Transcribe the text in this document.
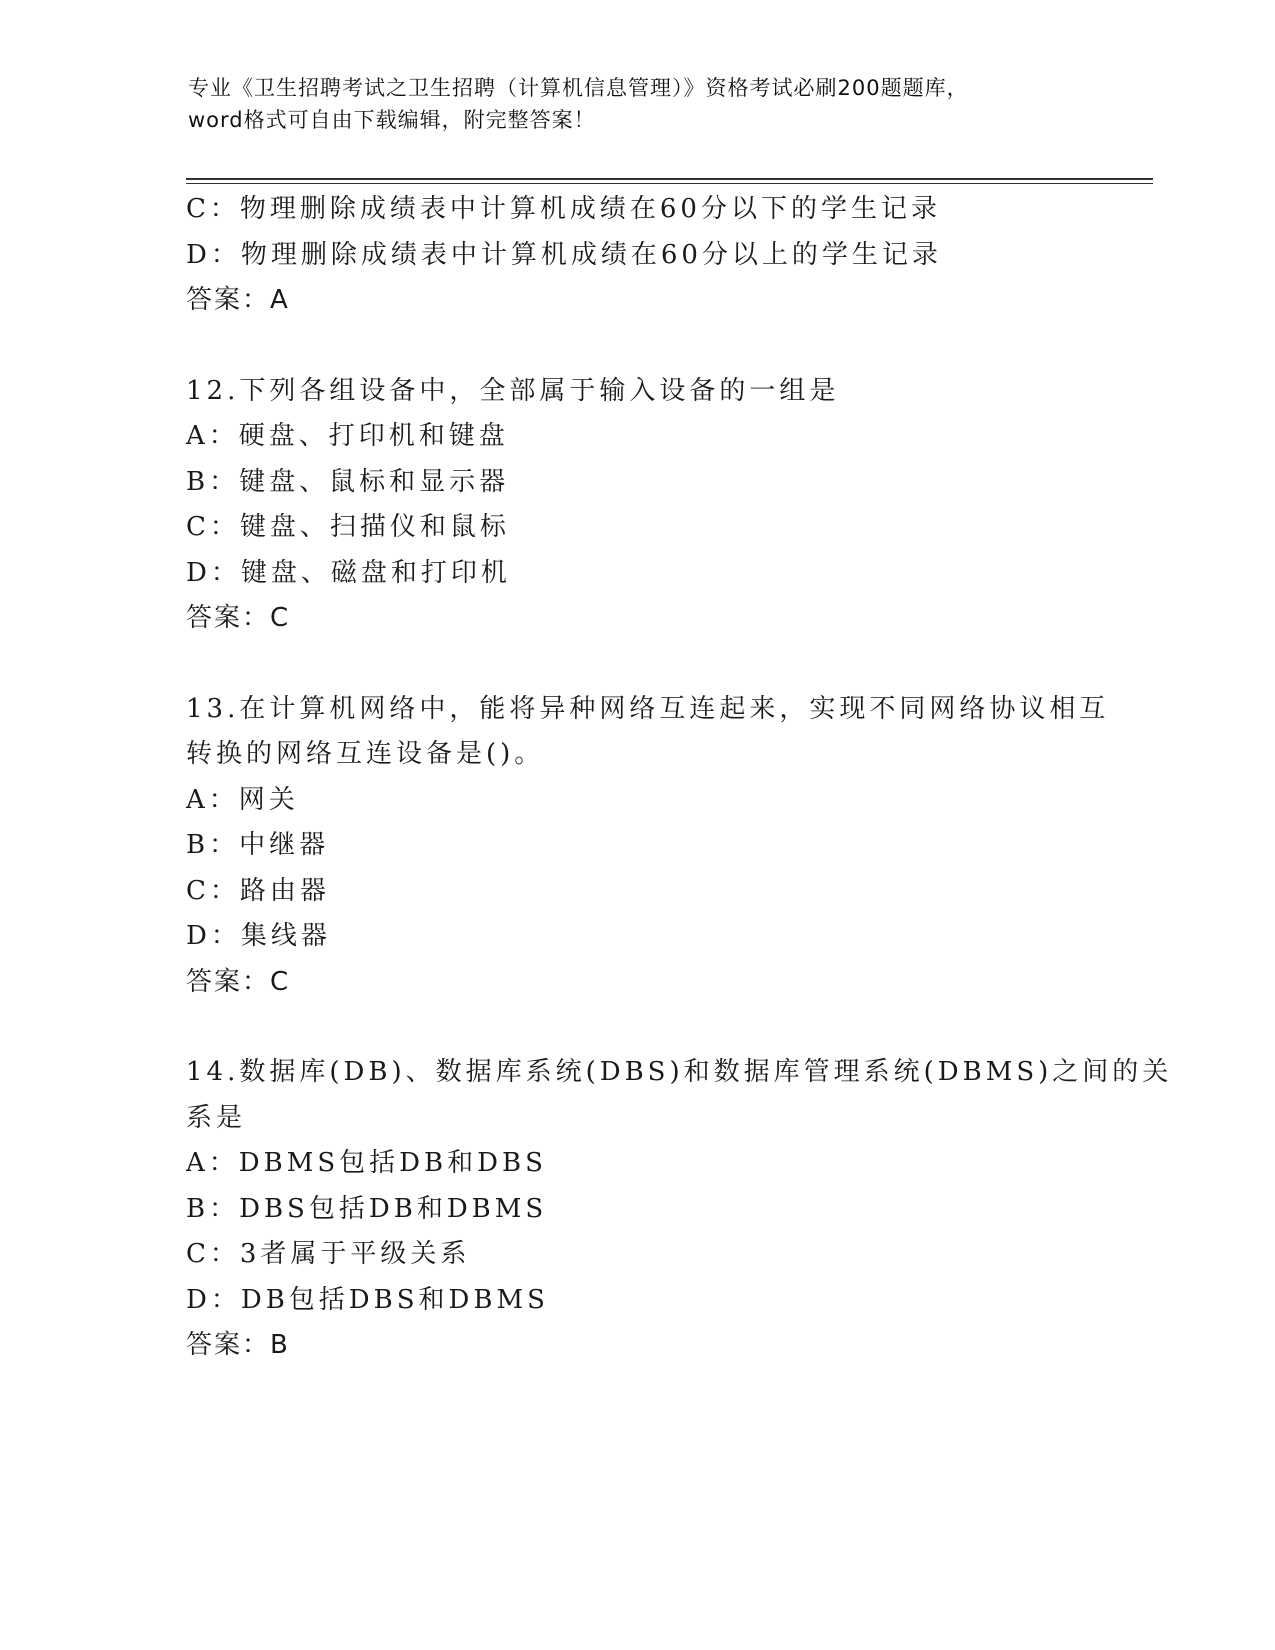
专业《卫生招聘考试之卫生招聘（计算机信息管理）》资格考试必刷200题题库，
word格式可自由下载编辑，附完整答案！
C：物理删除成绩表中计算机成绩在60分以下的学生记录
D：物理删除成绩表中计算机成绩在60分以上的学生记录
答案：A
12.下列各组设备中，全部属于输入设备的一组是
A：硬盘、打印机和键盘
B：键盘、鼠标和显示器
C：键盘、扫描仪和鼠标
D：键盘、磁盘和打印机
答案：C
13.在计算机网络中，能将异种网络互连起来，实现不同网络协议相互
转换的网络互连设备是()。
A：网关
B：中继器
C：路由器
D：集线器
答案：C
14.数据库(DB)、数据库系统(DBS)和数据库管理系统(DBMS)之间的关
系是
A：DBMS包括DB和DBS
B：DBS包括DB和DBMS
C：3者属于平级关系
D：DB包括DBS和DBMS
答案：B
